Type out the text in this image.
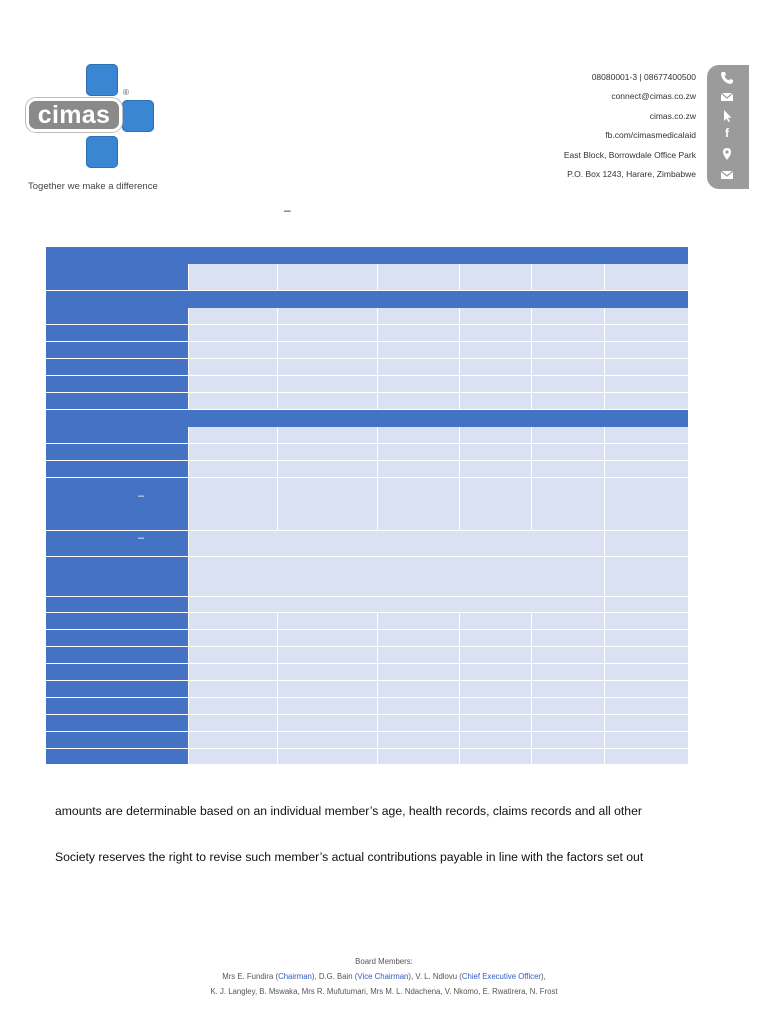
cimas
®
Together we make a difference
08080001-3 | 08677400500
connect@cimas.co.zw
cimas.co.zw
fb.com/cimasmedicalaid
East Block, Borrowdale Office Park
P.O. Box 1243, Harare, Zimbabwe
f
–
–
–
amounts are determinable based on an individual member’s age, health records, claims records and all other
Society reserves the right to revise such member’s actual contributions payable in line with the factors set out
Board Members:
Mrs E. Fundira (Chairman), D.G. Bain (Vice Chairman), V. L. Ndlovu (Chief Executive Officer),
K. J. Langley, B. Mswaka, Mrs R. Mufutumari, Mrs M. L. Ndachena, V. Nkomo, E. Rwatirera, N. Frost
